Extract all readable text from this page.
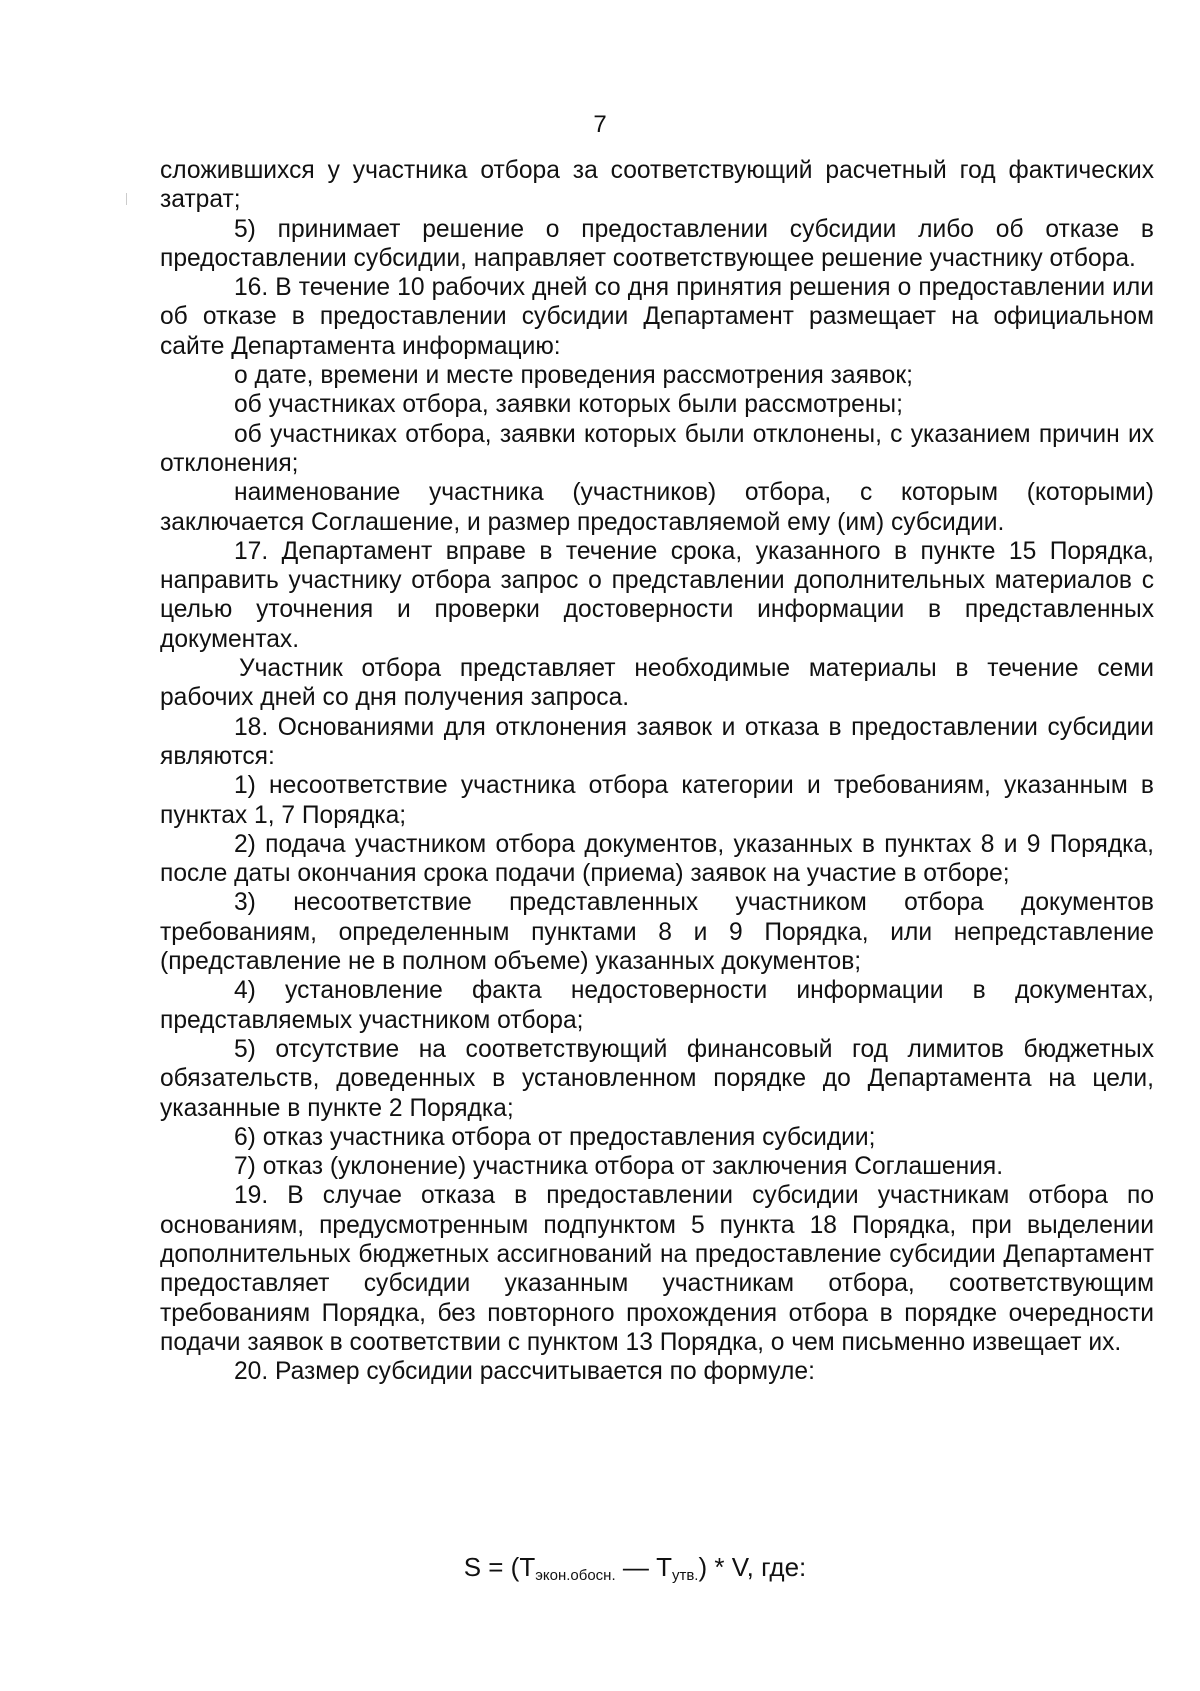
7

сложившихся у участника отбора за соответствующий расчетный год фактических затрат;

5) принимает решение о предоставлении субсидии либо об отказе в предоставлении субсидии, направляет соответствующее решение участнику отбора.

16. В течение 10 рабочих дней со дня принятия решения о предоставлении или об отказе в предоставлении субсидии Департамент размещает на официальном сайте Департамента информацию:

о дате, времени и месте проведения рассмотрения заявок;

об участниках отбора, заявки которых были рассмотрены;

об участниках отбора, заявки которых были отклонены, с указанием причин их отклонения;

наименование участника (участников) отбора, с которым (которыми) заключается Соглашение, и размер предоставляемой ему (им) субсидии.

17. Департамент вправе в течение срока, указанного в пункте 15 Порядка, направить участнику отбора запрос о представлении дополнительных материалов с целью уточнения и проверки достоверности информации в представленных документах.

Участник отбора представляет необходимые материалы в течение семи рабочих дней со дня получения запроса.

18. Основаниями для отклонения заявок и отказа в предоставлении субсидии являются:

1) несоответствие участника отбора категории и требованиям, указанным в пунктах 1, 7 Порядка;

2) подача участником отбора документов, указанных в пунктах 8 и 9 Порядка, после даты окончания срока подачи (приема) заявок на участие в отборе;

3) несоответствие представленных участником отбора документов требованиям, определенным пунктами 8 и 9 Порядка, или непредставление (представление не в полном объеме) указанных документов;

4) установление факта недостоверности информации в документах, представляемых участником отбора;

5) отсутствие на соответствующий финансовый год лимитов бюджетных обязательств, доведенных в установленном порядке до Департамента на цели, указанные в пункте 2 Порядка;

6) отказ участника отбора от предоставления субсидии;

7) отказ (уклонение) участника отбора от заключения Соглашения.

19. В случае отказа в предоставлении субсидии участникам отбора по основаниям, предусмотренным подпунктом 5 пункта 18 Порядка, при выделении дополнительных бюджетных ассигнований на предоставление субсидии Департамент предоставляет субсидии указанным участникам отбора, соответствующим требованиям Порядка, без повторного прохождения отбора в порядке очередности подачи заявок в соответствии с пунктом 13 Порядка, о чем письменно извещает их.

20. Размер субсидии рассчитывается по формуле:

$S = (Т_{экон.обосн.}$ — $Т_{утв.}$) * V, где:
